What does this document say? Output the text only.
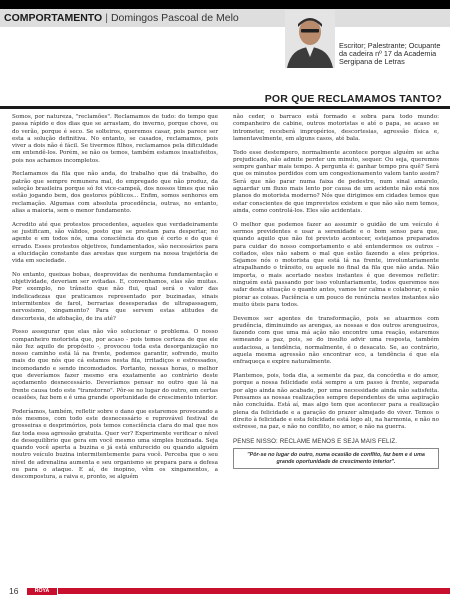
COMPORTAMENTO | Domingos Pascoal de Melo
Escritor; Palestrante; Ocupante da cadeira nº 17 da Academia Sergipana de Letras
POR QUE RECLAMAMOS TANTO?

Somos, por natureza, "reclamões". Reclamamos de tudo: do tempo que passa rápido e dos dias que se arrastam, do inverno, porque chove, ou do verão, porque é seco. Se solteiros, queremos casar, pois parece ser esta a solução definitiva. No entanto, se casados, reclamamos, pois viver a dois não é fácil. Se tivermos filhos, reclamamos pela dificuldade em entendê-los. Porém, se não os temos, também estamos insatisfeitos, pois nos achamos incompletos.

Reclamamos da fila que não anda, do trabalho que dá trabalho, do patrão que sempre remunera mal, do empregado que não produz, da seleção brasileira porque só foi vice-campeã, dos nossos times que não estão jogando bem, dos gestores públicos... Enfim, somos senhores em reclamação. Algumas com absoluta procedência, outras, no entanto, alias a maioria, sem o menor fundamento.

Acredito até que protestos procedentes, aqueles que verdadeiramente se justificam, são válidos, posto que se prestam para despertar, no agente e em todos nós, uma consciência do que é certo e do que é errado. Esses protestos objetivos, fundamentados, são necessários para a elucidação constante das arestas que surgem na nossa trajetória de vida em sociedade.

No entanto, queixas bobas, desprovidas de nenhuma fundamentação e objetividade, deveriam ser evitadas. E, convenhamos, elas são muitas. Por exemplo, no trânsito que não flui, qual será o valor das indelicadezas que praticamos representado por buzinadas, sinais intermitentes de farol, berrarias desesperadas de ultrapassagem, nervosismo, xingamento? Para que servem estas atitudes de descortesia, de afobação, de ira até?

Posso assegurar que elas não vão solucionar o problema. O nosso companheiro motorista que, por acaso - pois temos certeza de que ele não fez aquilo de propósito -, provocou toda esta desorganização no nosso caminho está lá na frente, podemos garantir, sofrendo, muito mais do que nós que cá estamos nesta fila, irritadiços e estressados, incomodando e sendo incomodados. Portanto, nessas horas, o melhor que deveríamos fazer mesmo era exatamente ao contrário deste açodamento desnecessário. Deveríamos pensar no outro que lá na frente causa todo este "transtorno". Pôr-se no lugar do outro, em certas ocasiões, faz bem e é uma grande oportunidade de crescimento interior.

Poderíamos, também, refletir sobre o dano que estaremos provocando a nós mesmos, com todo este desnecessário e reprovável festival de grosseiras e desprimórios, pois temos consciência clara do mal que nos faz toda essa agressão gratuita. Quer ver? Experimente verificar o nível de desequilíbrio que gera em você mesmo uma simples buzinada. Seja quando você aperta a buzina e já está enfurecido ou quando alguém noutro veículo buzina intermitentemente para você. Perceba que o seu nível de adrenalina aumenta e seu organismo se prepara para a defesa ou para o ataque. E aí, de inopino, vêm os xingamentos, a descompostura, a raiva e, pronto, se alguém

não ceder, o barraco está formado e sobra para todo mundo: companheiro de cabine, outros motoristas e até o papa, se acaso se intrometer, receberá impropérios, descortesias, agressão física e, lamentavelmente, em alguns casos, até bala.

Todo esse destempero, normalmente acontece porque alguém se acha prejudicado, não admite perder um minuto, sequer. Ou seja, queremos sempre ganhar mais tempo. A pergunta é: ganhar tempo pra quê? Será que os minutos perdidos com um congestionamento valem tanto assim? Será que não parar numa faixa de pedestre, num sinal amarelo, aguardar um fluxo mais lento por causa de um acidente não está nos planos do motorista moderno? Nós que dirigimos em cidades temos que estar conscientes de que imprevistos existem e que não são nem temos, ainda, como controlá-los. Eles são acidentais.

O melhor que podemos fazer ao assumir o guidão de um veículo é sermos previdentes e usar a serenidade e o bom senso para que, quando aquilo que não foi previsto acontecer, estejamos preparados para cuidar do nosso comportamento e até entendermos os outros – coitados, eles não sabem o mal que estão fazendo a eles próprios. Sejamos nós o motorista que está lá na frente, involuntariamente atrapalhando o trânsito, ou aquele no final da fila que não anda. Não importa, o mais acertado nestes instantes é que devemos refletir: ninguém está passando por isso voluntariamente, todos queremos nos safar desta situação o quanto antes, vamos ter calma e colaborar, e não piorar as coisas. Paciência e um pouco de renúncia nestes instantes são muito úteis para todos.

Devemos ser agentes de transformação, pois se atuarmos com prudência, diminuindo as arengas, as nossas e dos outros arengueiros, fazendo com que uma má ação não encontre uma reação, estaremos semeando a paz, pois, se do insulto advir uma resposta, também audaciosa, a tendência, normalmente, é o desacato. Se, ao contrário, aquela mesma agressão não encontrar eco, a tendência é que ela enfraqueça e expire naturalmente.

Plantemos, pois, toda dia, a semente da paz, da concórdia e do amor, porque a nossa felicidade está sempre a um passo à frente, separada por algo ainda não acabado, por uma necessidade ainda não satisfeita. Pensamos as nossas realizações sempre dependentes de uma aspiração não concluída. Está aí, mas algo tem que acontecer para a realização plena da felicidade e a garação do prazer almejado do viver. Temos o direito à felicidade e esta felicidade está logo ali, na harmonia, e não no estresse, na paz, e não no conflito, no amor, e não na guerra.

PENSE NISSO: RECLAME MENOS E SEJA MAIS FELIZ.
"Pôr-se no lugar do outro, numa ocasião de conflito, faz bem e é uma grande oportunidade de crescimento interior".
16	ROYA
